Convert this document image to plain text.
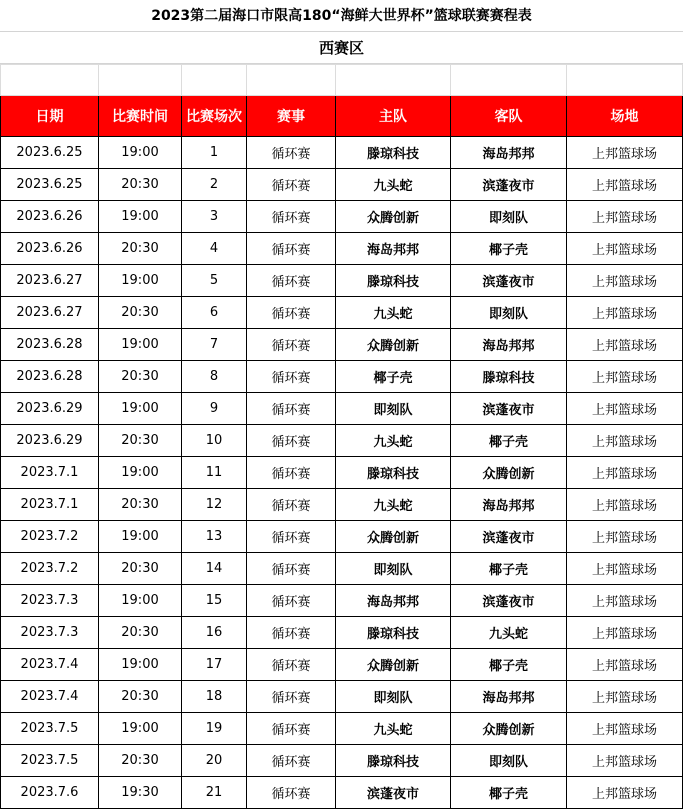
2023第二届海口市限高180“海鲜大世界杯”篮球联赛赛程表
西赛区

日期	比赛时间	比赛场次	赛事	主队	客队	场地
2023.6.25	19:00	1	循环赛	滕琼科技	海岛邦邦	上邦篮球场
2023.6.25	20:30	2	循环赛	九头蛇	滨蓬夜市	上邦篮球场
2023.6.26	19:00	3	循环赛	众腾创新	即刻队	上邦篮球场
2023.6.26	20:30	4	循环赛	海岛邦邦	椰子壳	上邦篮球场
2023.6.27	19:00	5	循环赛	滕琼科技	滨蓬夜市	上邦篮球场
2023.6.27	20:30	6	循环赛	九头蛇	即刻队	上邦篮球场
2023.6.28	19:00	7	循环赛	众腾创新	海岛邦邦	上邦篮球场
2023.6.28	20:30	8	循环赛	椰子壳	滕琼科技	上邦篮球场
2023.6.29	19:00	9	循环赛	即刻队	滨蓬夜市	上邦篮球场
2023.6.29	20:30	10	循环赛	九头蛇	椰子壳	上邦篮球场
2023.7.1	19:00	11	循环赛	滕琼科技	众腾创新	上邦篮球场
2023.7.1	20:30	12	循环赛	九头蛇	海岛邦邦	上邦篮球场
2023.7.2	19:00	13	循环赛	众腾创新	滨蓬夜市	上邦篮球场
2023.7.2	20:30	14	循环赛	即刻队	椰子壳	上邦篮球场
2023.7.3	19:00	15	循环赛	海岛邦邦	滨蓬夜市	上邦篮球场
2023.7.3	20:30	16	循环赛	滕琼科技	九头蛇	上邦篮球场
2023.7.4	19:00	17	循环赛	众腾创新	椰子壳	上邦篮球场
2023.7.4	20:30	18	循环赛	即刻队	海岛邦邦	上邦篮球场
2023.7.5	19:00	19	循环赛	九头蛇	众腾创新	上邦篮球场
2023.7.5	20:30	20	循环赛	滕琼科技	即刻队	上邦篮球场
2023.7.6	19:30	21	循环赛	滨蓬夜市	椰子壳	上邦篮球场
